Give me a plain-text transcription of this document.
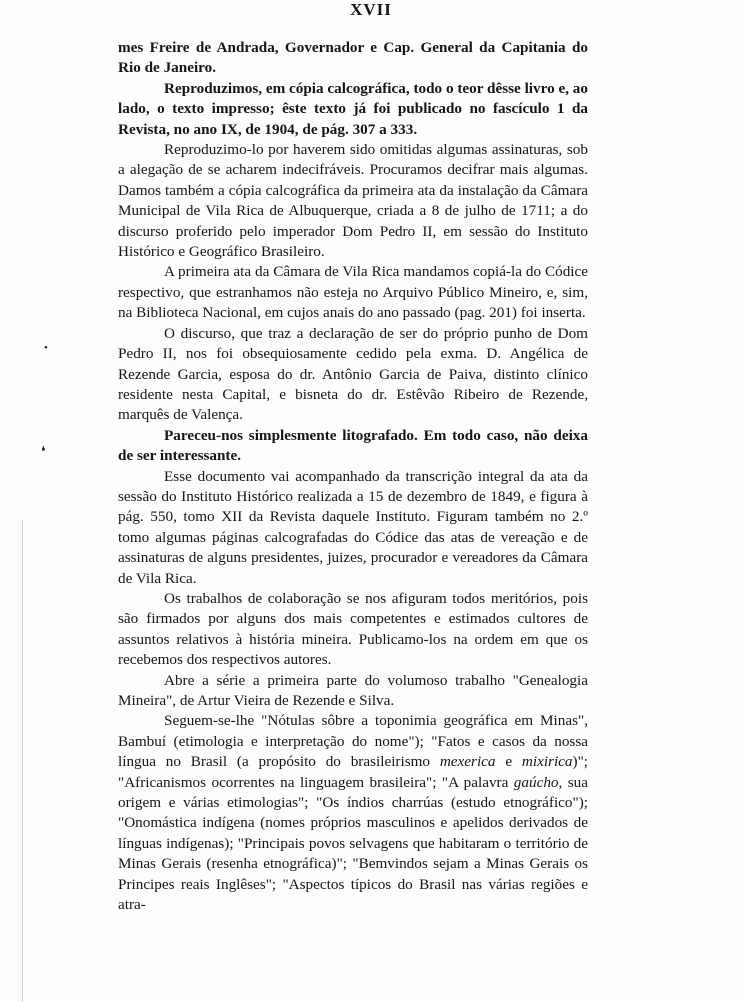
XVII

mes Freire de Andrada, Governador e Cap. General da Capitania do Rio de Janeiro.

Reproduzimos, em cópia calcográfica, todo o teor dêsse livro e, ao lado, o texto impresso; êste texto já foi publicado no fascículo 1 da Revista, no ano IX, de 1904, de pág. 307 a 333.

Reproduzimo-lo por haverem sido omitidas algumas assinaturas, sob a alegação de se acharem indecifráveis. Procuramos decifrar mais algumas. Damos também a cópia calcográfica da primeira ata da instalação da Câmara Municipal de Vila Rica de Albuquerque, criada a 8 de julho de 1711; a do discurso proferido pelo imperador Dom Pedro II, em sessão do Instituto Histórico e Geográfico Brasileiro.

A primeira ata da Câmara de Vila Rica mandamos copiá-la do Códice respectivo, que estranhamos não esteja no Arquivo Público Mineiro, e, sim, na Biblioteca Nacional, em cujos anais do ano passado (pag. 201) foi inserta.

O discurso, que traz a declaração de ser do próprio punho de Dom Pedro II, nos foi obsequiosamente cedido pela exma. D. Angélica de Rezende Garcia, esposa do dr. Antônio Garcia de Paiva, distinto clínico residente nesta Capital, e bisneta do dr. Estêvão Ribeiro de Rezende, marquês de Valença.

Pareceu-nos simplesmente litografado. Em todo caso, não deixa de ser interessante.

Esse documento vai acompanhado da transcrição integral da ata da sessão do Instituto Histórico realizada a 15 de dezembro de 1849, e figura à pág. 550, tomo XII da Revista daquele Instituto. Figuram também no 2.º tomo algumas páginas calcografadas do Códice das atas de vereação e de assinaturas de alguns presidentes, juizes, procurador e vereadores da Câmara de Vila Rica.

Os trabalhos de colaboração se nos afiguram todos meritórios, pois são firmados por alguns dos mais competentes e estimados cultores de assuntos relativos à história mineira. Publicamo-los na ordem em que os recebemos dos respectivos autores.

Abre a série a primeira parte do volumoso trabalho "Genealogia Mineira", de Artur Vieira de Rezende e Silva.

Seguem-se-lhe "Nótulas sôbre a toponimia geográfica em Minas", Bambuí (etimologia e interpretação do nome"); "Fatos e casos da nossa língua no Brasil (a propósito do brasileirismo mexerica e mixirica)"; "Africanismos ocorrentes na linguagem brasileira"; "A palavra gaúcho, sua origem e várias etimologias"; "Os índios charrúas (estudo etnográfico"); "Onomástica indígena (nomes próprios masculinos e apelidos derivados de línguas indígenas); "Principais povos selvagens que habitaram o território de Minas Gerais (resenha etnográfica)"; "Bemvindos sejam a Minas Gerais os Principes reais Inglêses"; "Aspectos típicos do Brasil nas várias regiões e atra-

•
❛
